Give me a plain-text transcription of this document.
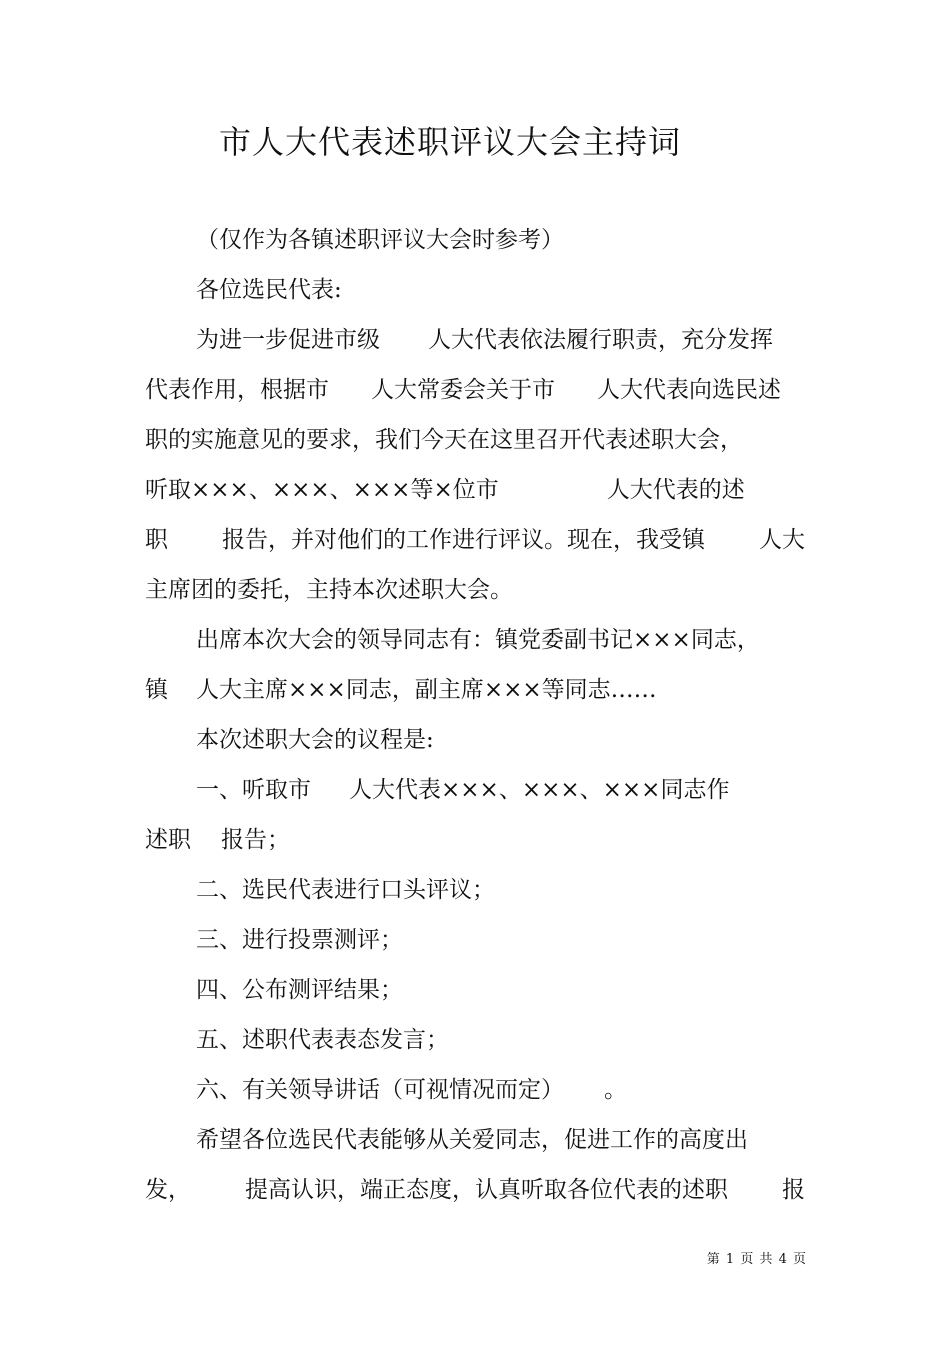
市人大代表述职评议大会主持词
（仅作为各镇述职评议大会时参考）
各位选民代表:
为进一步促进市级 人大代表依法履行职责，充分发挥
代表作用，根据市 人大常委会关于市 人大代表向选民述
职的实施意见的要求，我们今天在这里召开代表述职大会，
听取×××、×××、×××等×位市	人大代表的述
职 报告，并对他们的工作进行评议。现在，我受镇 人大
主席团的委托，主持本次述职大会。
出席本次大会的领导同志有：镇党委副书记×××同志，
镇 人大主席×××同志，副主席×××等同志……
本次述职大会的议程是:
一、听取市 人大代表×××、×××、×××同志作
述职 报告；
二、选民代表进行口头评议；
三、进行投票测评；
四、公布测评结果；
五、述职代表表态发言；
六、有关领导讲话（可视情况而定） 。
希望各位选民代表能够从关爱同志，促进工作的高度出
发， 提高认识，端正态度，认真听取各位代表的述职 报
第 1 页 共 4 页
